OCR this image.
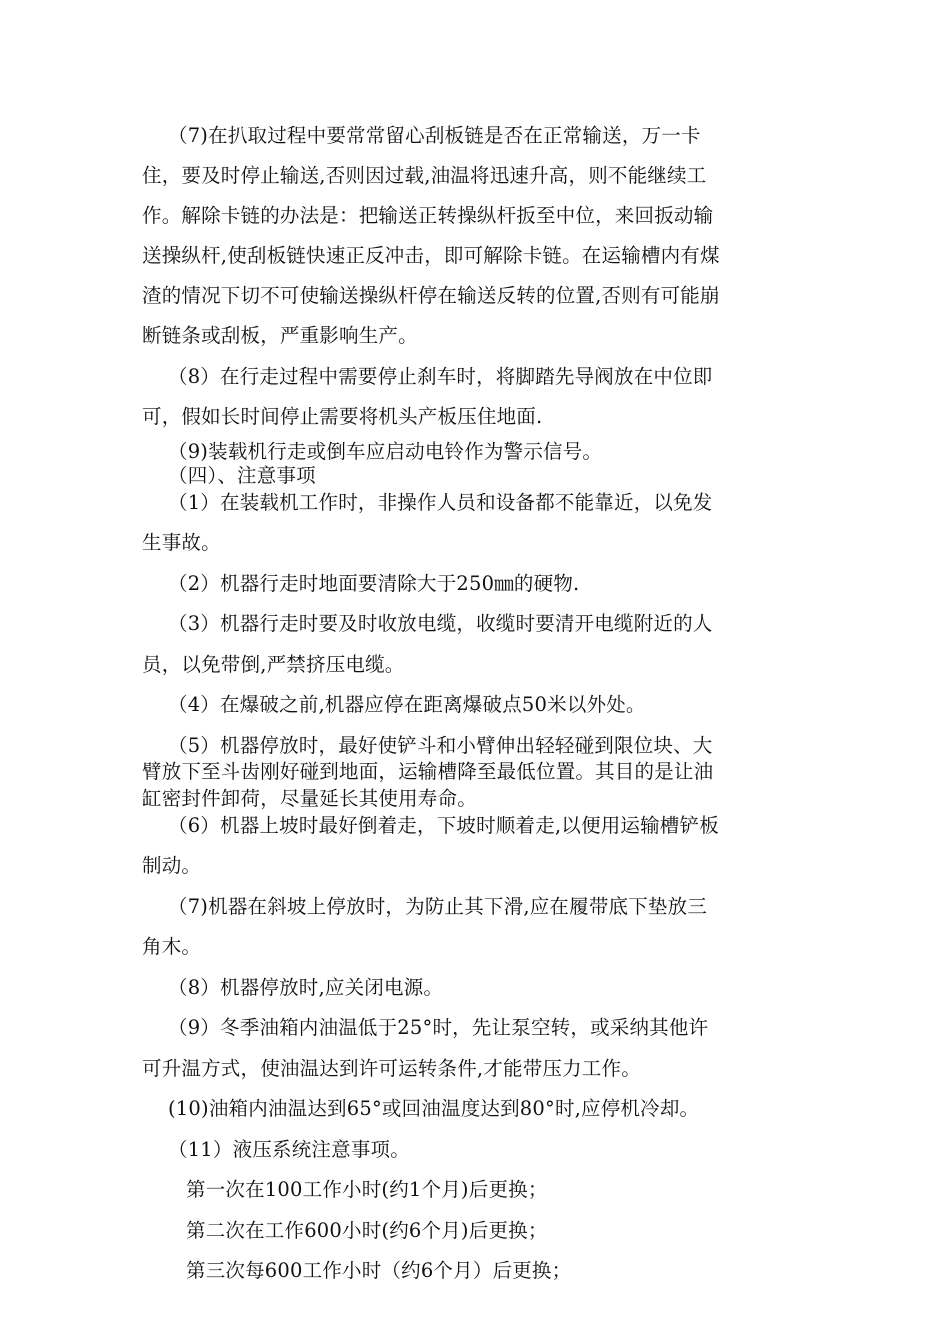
（7)在扒取过程中要常常留心刮板链是否在正常输送，万一卡
住，要及时停止输送,否则因过载,油温将迅速升高，则不能继续工
作。解除卡链的办法是：把输送正转操纵杆扳至中位，来回扳动输
送操纵杆,使刮板链快速正反冲击，即可解除卡链。在运输槽内有煤
渣的情况下切不可使输送操纵杆停在输送反转的位置,否则有可能崩
断链条或刮板，严重影响生产。
（8）在行走过程中需要停止刹车时，将脚踏先导阀放在中位即
可，假如长时间停止需要将机头产板压住地面.
（9)装载机行走或倒车应启动电铃作为警示信号。
（四）、注意事项
（1）在装载机工作时，非操作人员和设备都不能靠近，以免发
生事故。
（2）机器行走时地面要清除大于250㎜的硬物.
（3）机器行走时要及时收放电缆，收缆时要清开电缆附近的人
员，以免带倒,严禁挤压电缆。
（4）在爆破之前,机器应停在距离爆破点50米以外处。
（5）机器停放时，最好使铲斗和小臂伸出轻轻碰到限位块、大
臂放下至斗齿刚好碰到地面，运输槽降至最低位置。其目的是让油
缸密封件卸荷，尽量延长其使用寿命。
（6）机器上坡时最好倒着走，下坡时顺着走,以便用运输槽铲板
制动。
（7)机器在斜坡上停放时，为防止其下滑,应在履带底下垫放三
角木。
（8）机器停放时,应关闭电源。
（9）冬季油箱内油温低于25°时，先让泵空转，或采纳其他许
可升温方式，使油温达到许可运转条件,才能带压力工作。
(10)油箱内油温达到65°或回油温度达到80°时,应停机冷却。
（11）液压系统注意事项。
第一次在100工作小时(约1个月)后更换；
第二次在工作600小时(约6个月)后更换；
第三次每600工作小时（约6个月）后更换；
